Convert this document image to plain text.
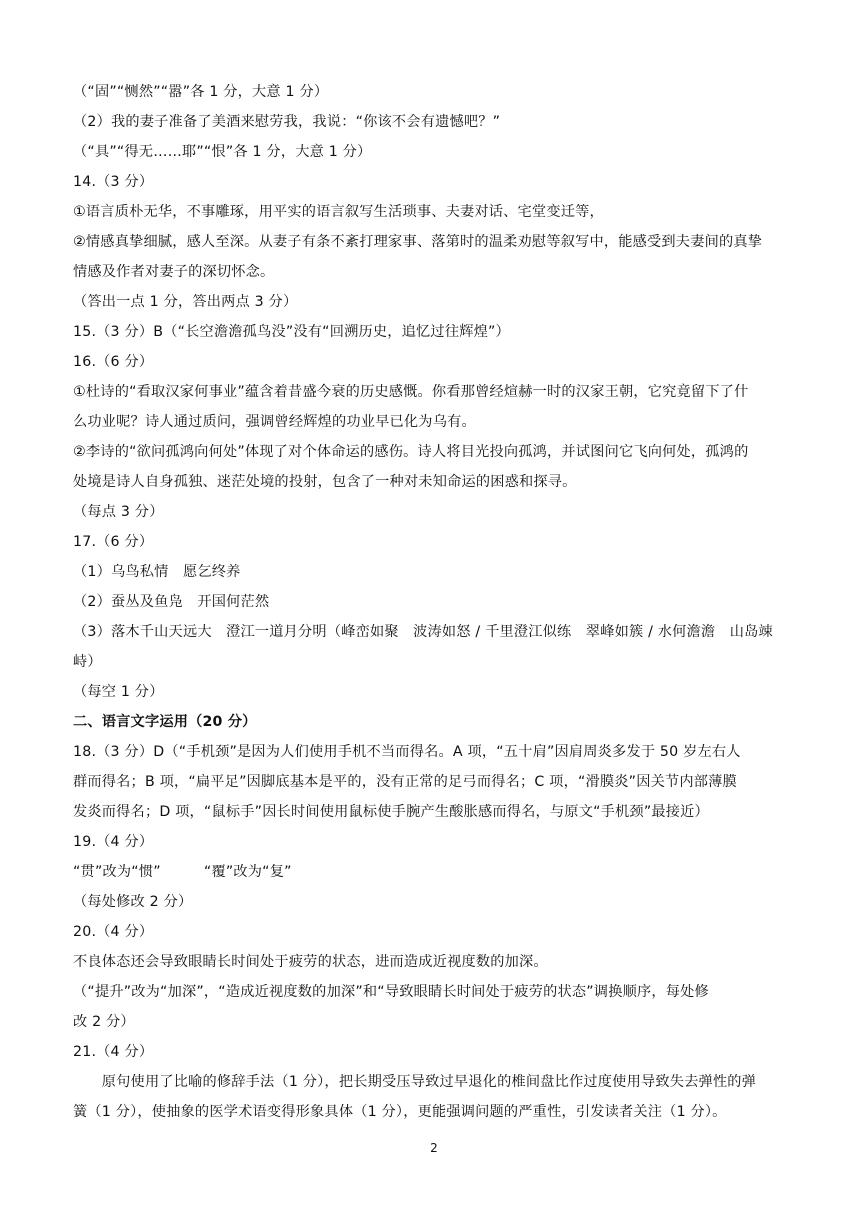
（“固”“恻然”“嚣”各 1 分，大意 1 分）
（2）我的妻子准备了美酒来慰劳我，我说：“你该不会有遗憾吧？”
（“具”“得无……耶”“恨”各 1 分，大意 1 分）
14.（3 分）
①语言质朴无华，不事雕琢，用平实的语言叙写生活琐事、夫妻对话、宅堂变迁等，
②情感真挚细腻，感人至深。从妻子有条不紊打理家事、落第时的温柔劝慰等叙写中，能感受到夫妻间的真挚
情感及作者对妻子的深切怀念。
（答出一点 1 分，答出两点 3 分）
15.（3 分）B（“长空澹澹孤鸟没”没有“回溯历史，追忆过往辉煌”）
16.（6 分）
①杜诗的“看取汉家何事业”蕴含着昔盛今衰的历史感慨。你看那曾经煊赫一时的汉家王朝，它究竟留下了什
么功业呢？诗人通过质问，强调曾经辉煌的功业早已化为乌有。
②李诗的“欲问孤鸿向何处”体现了对个体命运的感伤。诗人将目光投向孤鸿，并试图问它飞向何处，孤鸿的
处境是诗人自身孤独、迷茫处境的投射，包含了一种对未知命运的困惑和探寻。
（每点 3 分）
17.（6 分）
（1）乌鸟私情　愿乞终养
（2）蚕丛及鱼凫　开国何茫然
（3）落木千山天远大　澄江一道月分明（峰峦如聚　波涛如怒 / 千里澄江似练　翠峰如簇 / 水何澹澹　山岛竦
峙）
（每空 1 分）
二、语言文字运用（20 分）
18.（3 分）D（“手机颈”是因为人们使用手机不当而得名。A 项，“五十肩”因肩周炎多发于 50 岁左右人
群而得名；B 项，“扁平足”因脚底基本是平的，没有正常的足弓而得名；C 项，“滑膜炎”因关节内部薄膜
发炎而得名；D 项，“鼠标手”因长时间使用鼠标使手腕产生酸胀感而得名，与原文“手机颈”最接近）
19.（4 分）
“贯”改为“惯”　　　“覆”改为“复”
（每处修改 2 分）
20.（4 分）
不良体态还会导致眼睛长时间处于疲劳的状态，进而造成近视度数的加深。
（“提升”改为“加深”，“造成近视度数的加深”和“导致眼睛长时间处于疲劳的状态”调换顺序，每处修
改 2 分）
21.（4 分）
　　原句使用了比喻的修辞手法（1 分），把长期受压导致过早退化的椎间盘比作过度使用导致失去弹性的弹
簧（1 分），使抽象的医学术语变得形象具体（1 分），更能强调问题的严重性，引发读者关注（1 分）。
2
